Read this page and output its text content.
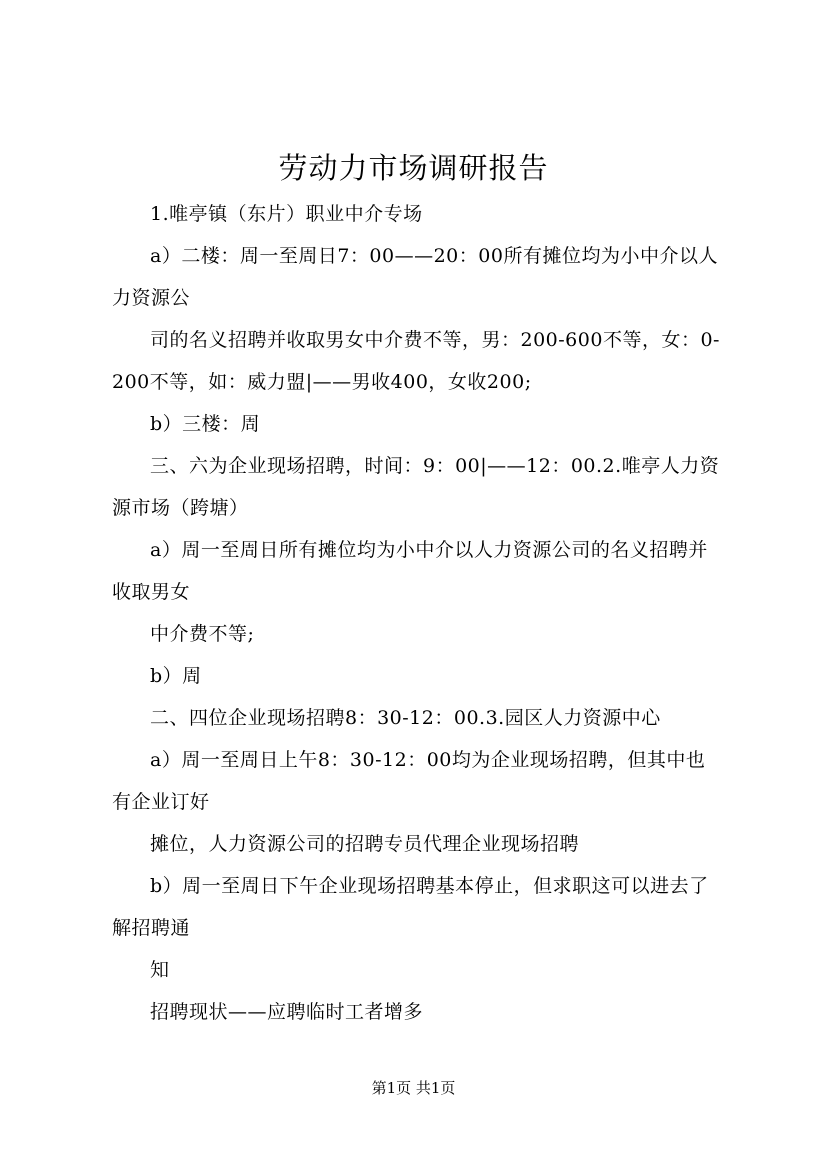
劳动力市场调研报告

1.唯亭镇（东片）职业中介专场

a）二楼：周一至周日7：00——20：00所有摊位均为小中介以人力资源公

司的名义招聘并收取男女中介费不等，男：200-600不等，女：0-200不等，如：威力盟|——男收400，女收200;

b）三楼：周

三、六为企业现场招聘，时间：9：00|——12：00.2.唯亭人力资源市场（跨塘）

a）周一至周日所有摊位均为小中介以人力资源公司的名义招聘并收取男女

中介费不等;

b）周

二、四位企业现场招聘8：30-12：00.3.园区人力资源中心

a）周一至周日上午8：30-12：00均为企业现场招聘，但其中也有企业订好

摊位，人力资源公司的招聘专员代理企业现场招聘

b）周一至周日下午企业现场招聘基本停止，但求职这可以进去了解招聘通

知

招聘现状——应聘临时工者增多

第1页 共1页
